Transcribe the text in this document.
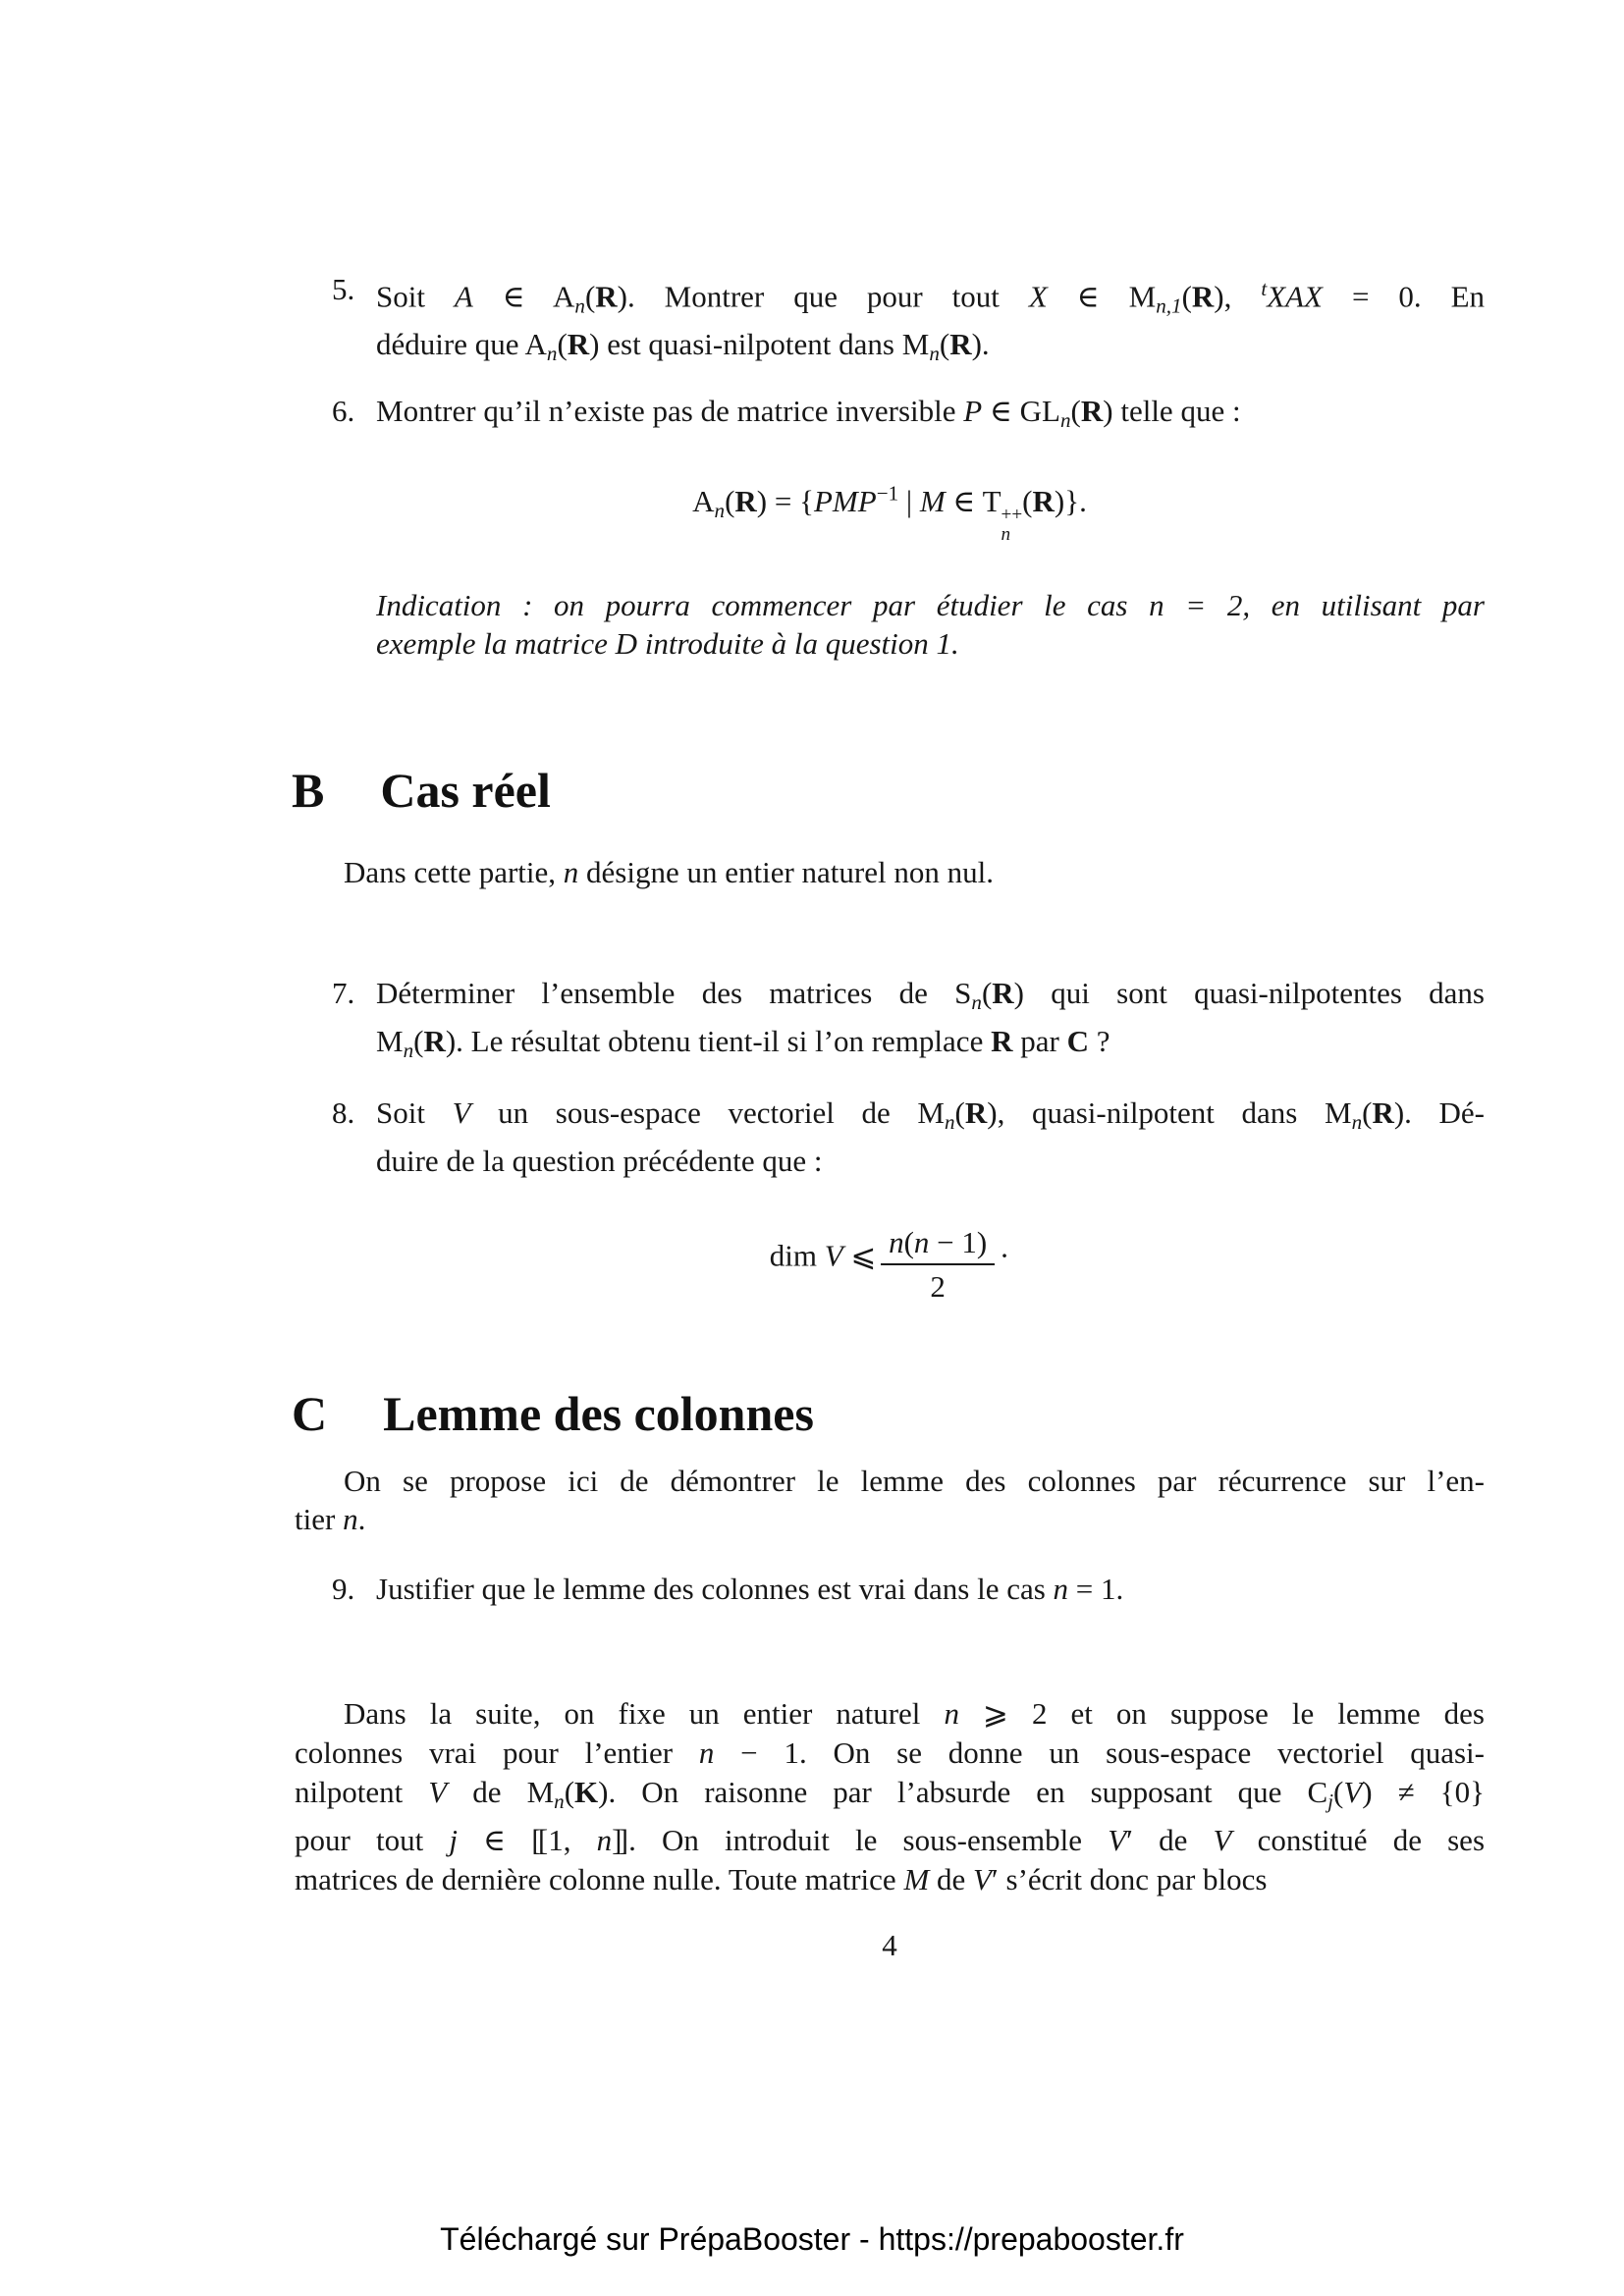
5. Soit A ∈ An(R). Montrer que pour tout X ∈ Mn,1(R), $^t$XAX = 0. En
déduire que An(R) est quasi-nilpotent dans Mn(R).
6. Montrer qu’il n’existe pas de matrice inversible P ∈ GLn(R) telle que :
$An(R) = \{PMP^{-1}$ | M ∈ T ++
n
(R)}.
Indication : on pourra commencer par étudier le cas n = 2, en utilisant par
exemple la matrice D introduite à la question 1.
B Cas réel
Dans cette partie, n désigne un entier naturel non nul.
7. Déterminer l’ensemble des matrices de Sn(R) qui sont quasi-nilpotentes dans
Mn(R). Le résultat obtenu tient-il si l’on remplace R par C ?
8. Soit V un sous-espace vectoriel de Mn(R), quasi-nilpotent dans Mn(R). Dé-
duire de la question précédente que :
dim V ⩽ $\frac{n(n - 1)}{2}$ ·
C Lemme des colonnes
On se propose ici de démontrer le lemme des colonnes par récurrence sur l’en-
tier n.
9. Justifier que le lemme des colonnes est vrai dans le cas n = 1.
Dans la suite, on fixe un entier naturel n ⩾ 2 et on suppose le lemme des
colonnes vrai pour l’entier n − 1. On se donne un sous-espace vectoriel quasi-
nilpotent V de Mn(K). On raisonne par l’absurde en supposant que Cj(V) ≠ {0}
pour tout j ∈ [[ 1, n]] . On introduit le sous-ensemble V′ de V constitué de ses
matrices de dernière colonne nulle. Toute matrice M de V′ s’écrit donc par blocs
4
Téléchargé sur PrépaBooster - https://prepabooster.fr
